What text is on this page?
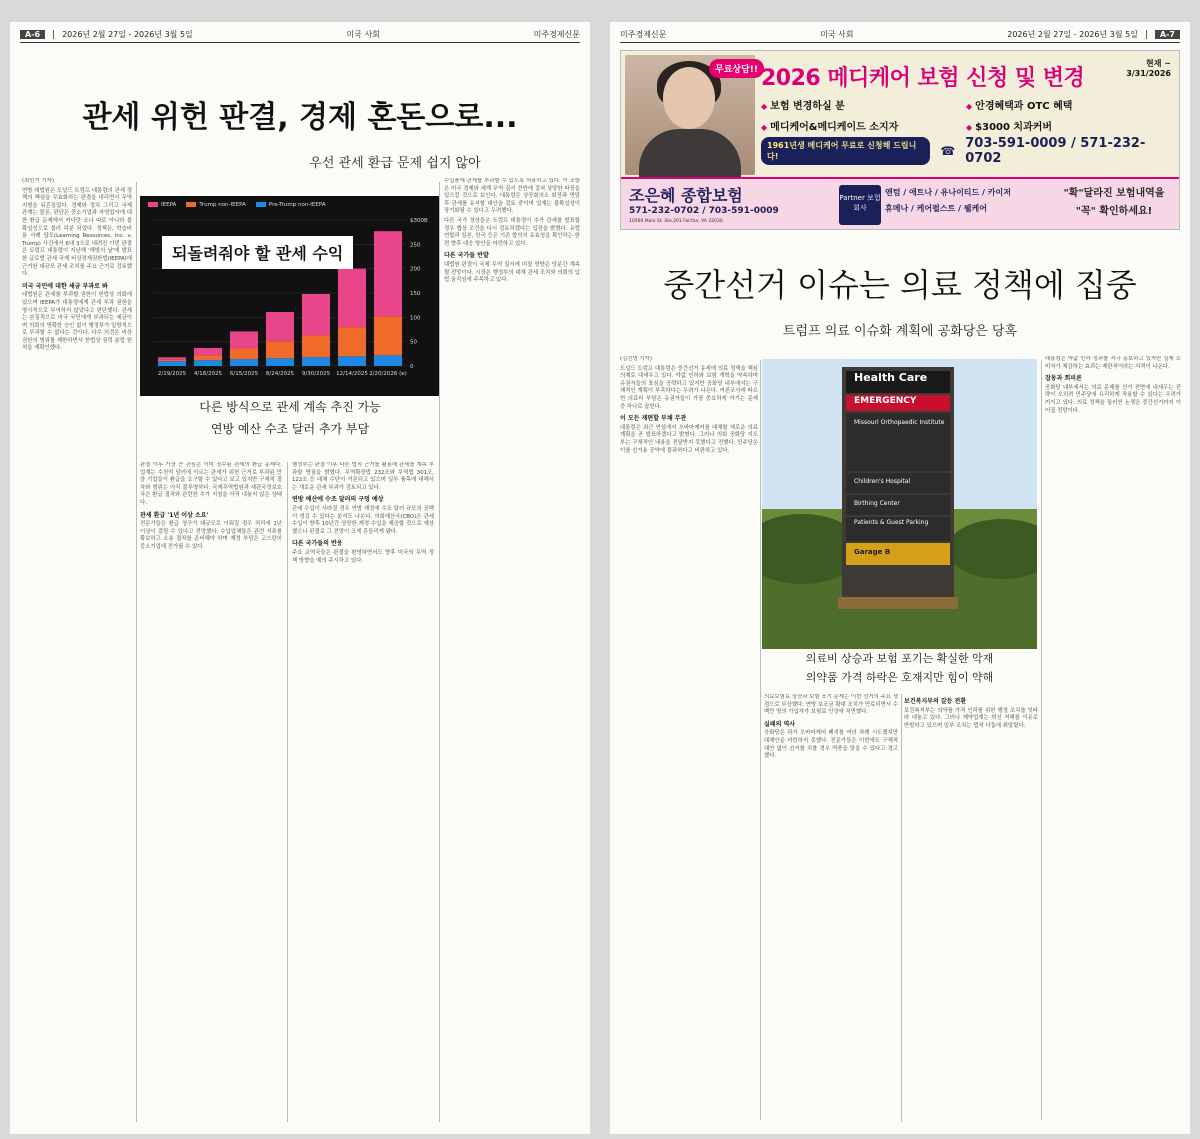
A-6	2026년 2월 27일 - 2026년 3월 5일	미국 사회	미주경제신문
관세 위헌 판결, 경제 혼돈으로...
우선 관세 환급 문제 쉽지 않아

(최민기 기자)

연방 대법원은 도널드 트럼프 대통령의 관세 정책의 핵심을 무효화하는 판결을 내리면서 무역 지형을 뒤흔들었다. 경제와 정치 그리고 국제 관계는 물론, 판단은 중소기업과 자영업자에 대한 환급 문제에서 커다란 소나 따로 아니라 불확실성으로 불러 덕분 되었다. 정책은, 학습비용 사례 답도(Learning Resources, Inc. v. Trump) 사건에서 6대 3으로 내려진 이번 판결은 트럼프 대통령이 지난해 '해방의 날'에 발표한 글로벌 관세 국제 비상경제권한법(IEEPA)에 근거한 대규모 관세 조치를 주요 근거로 검토했다.

미국 국민에 대한 세금 부과로 봐

대법원은 관세를 부과할 권한이 헌법상 의회에 있으며 IEEPA가 대통령에게 관세 부과 권한을 명시적으로 부여하지 않았다고 판단했다. 관세는 본질적으로 미국 국민에게 부과되는 세금이며 의회의 명확한 승인 없이 행정부가 일방적으로 부과할 수 없다는 것이다. 다수 의견은 비상 권한의 범위를 제한하면서 헌법상 권력 분립 원칙을 재확인했다.

IEEPA	Trump non-IEEPA	Pre-Trump non-IEEPA
$300B
250
200
150
100
50
0
2/19/2025 4/18/2025 6/15/2025 8/24/2025 9/30/2025 12/14/2025 2/20/2026 (e)
되돌려줘야 할 관세 수익
다른 방식으로 관세 계속 추진 가능
연방 예산 수조 달러 추가 부담

판결 이후 가장 큰 관심은 이미 징수된 관세의 환급 문제다. 업계는 수천억 달러에 이르는 관세가 위헌 근거로 부과된 만큼 기업들이 환급을 요구할 수 있다고 보고 있지만 구체적 절차와 범위는 아직 불투명하다. 국제무역법원과 세관국경보호국은 환급 절차와 관련한 추가 지침을 아직 내놓지 않은 상태다.

관세 환급 '1년 이상 소요'

전문가들은 환급 청구가 대규모로 이뤄질 경우 처리에 1년 이상이 걸릴 수 있다고 전망했다. 수입업체들은 관련 서류를 확보하고 소송 절차를 준비해야 하며 재정 부담은 고스란히 중소기업에 전가될 수 있다.

행정부는 판결 이후 다른 법적 근거를 활용해 관세를 계속 부과할 방침을 밝혔다. 무역확장법 232조와 무역법 301조, 122조 등 대체 수단이 거론되고 있으며 일부 품목에 대해서는 새로운 관세 부과가 검토되고 있다.

연방 예산에 수조 달러의 구멍 예상

관세 수입이 사라질 경우 연방 재정에 수조 달러 규모의 공백이 생길 수 있다는 분석도 나온다. 의회예산국(CBO)은 관세 수입이 향후 10년간 상당한 재정 수입을 제공할 것으로 예상했으나 판결로 그 전망이 크게 흔들리게 됐다.

다른 국가들의 반응

주요 교역국들은 판결을 환영하면서도 향후 미국의 무역 정책 방향을 예의 주시하고 있다.

수입품에 관세를 부과할 수 있도록 허용하고 있다. 이 조항은 미국 경제와 세계 무역 질서 전반에 걸쳐 상당한 파장을 일으킬 것으로 보인다. 대통령은 상공회의소 회장과 면담 후 관세를 유지할 대안을 검토 중이며 업계는 불확실성이 장기화될 수 있다고 우려했다.

다른 국가 정상들은 트럼프 대통령이 추가 관세를 발표할 경우 협상 조건을 다시 검토하겠다는 입장을 밝혔다. 유럽연합과 일본, 한국 등은 기존 합의의 유효성을 확인하는 한편 향후 대응 방안을 마련하고 있다.

다른 국가들 반발

대법원 판결이 국제 무역 질서에 미칠 영향은 당분간 계속될 전망이다. 시장은 행정부의 대체 관세 조치와 의회의 입법 움직임에 주목하고 있다.

미주경제신문	미국 사회	2026년 2월 27일 - 2026년 3월 5일	A-7
무료상담!! 2026 메디케어 보험 신청 및 변경
현재 ~
3/31/2026
◆ 보험 변경하실 분	◆ 안경혜택과 OTC 혜택
◆ 메디케어&메디케이드 소지자	◆ $3000 치과커버
1961년생 메디케어 무료로 신청해 드립니다!	☎ 703-591-0009 / 571-232-0702
조은혜 종합보험
571-232-0702 / 703-591-0009
10560 Main St. Ste.201 Fairfax, VA 22030
Partner 보험회사
앤텀 / 애트나 / 유나이티드 / 카이저
휴메나 / 케어펄스트 / 웰케어
"확"달라진 보험내역을
"꼭" 확인하세요!
중간선거 이슈는 의료 정책에 집중
트럼프 의료 이슈화 계획에 공화당은 당혹

(김선영 기자)

도널드 트럼프 대통령은 중간선거 유세에 의료 정책을 핵심 의제로 내세우고 있다. 약값 인하와 보험 개혁을 약속하며 유권자들의 표심을 공략하고 있지만 공화당 내부에서는 구체적인 계획이 부족하다는 우려가 나온다. 여론조사에 따르면 의료비 부담은 유권자들이 가장 중요하게 여기는 문제 중 하나로 꼽힌다.

이 모든 재편할 부채 무관

대통령은 최근 연설에서 오바마케어를 대체할 새로운 의료 계획을 곧 발표하겠다고 밝혔다. 그러나 의회 공화당 지도부는 구체적인 내용을 전달받지 못했다고 전했다. 민주당은 이를 선거용 공약에 불과하다고 비판하고 있다.

Health Care
EMERGENCY
Missouri Orthopaedic Institute
Children's Hospital
Birthing Center
Patients & Guest Parking
Garage B
의료비 상승과 보험 포기는 확실한 악재
의약품 가격 하락은 호재지만 힘이 약해

의료보험료 상승과 보험 포기 문제는 이번 선거의 주요 쟁점으로 부상했다. 연방 보조금 확대 조치가 만료되면서 수백만 명의 가입자가 보험료 인상에 직면했다.

실패의 역사

공화당은 과거 오바마케어 폐지를 여러 차례 시도했지만 대체안을 마련하지 못했다. 전문가들은 이번에도 구체적 대안 없이 선거를 치를 경우 역풍을 맞을 수 있다고 경고했다.

보건복지부의 갈등 전환

보건복지부는 의약품 가격 인하를 위한 행정 조치를 잇따라 내놓고 있다. 그러나 제약업계는 혁신 저해를 이유로 반발하고 있으며 일부 조치는 법적 다툼에 휘말렸다.

대통령은 약값 인하 성과를 적극 홍보하고 있지만 실제 소비자가 체감하는 효과는 제한적이라는 지적이 나온다.

잡동과 회피론

공화당 내부에서는 의료 문제를 선거 전면에 내세우는 전략이 오히려 민주당에 유리하게 작용할 수 있다는 우려가 커지고 있다. 의료 정책을 둘러싼 논쟁은 중간선거까지 이어질 전망이다.
